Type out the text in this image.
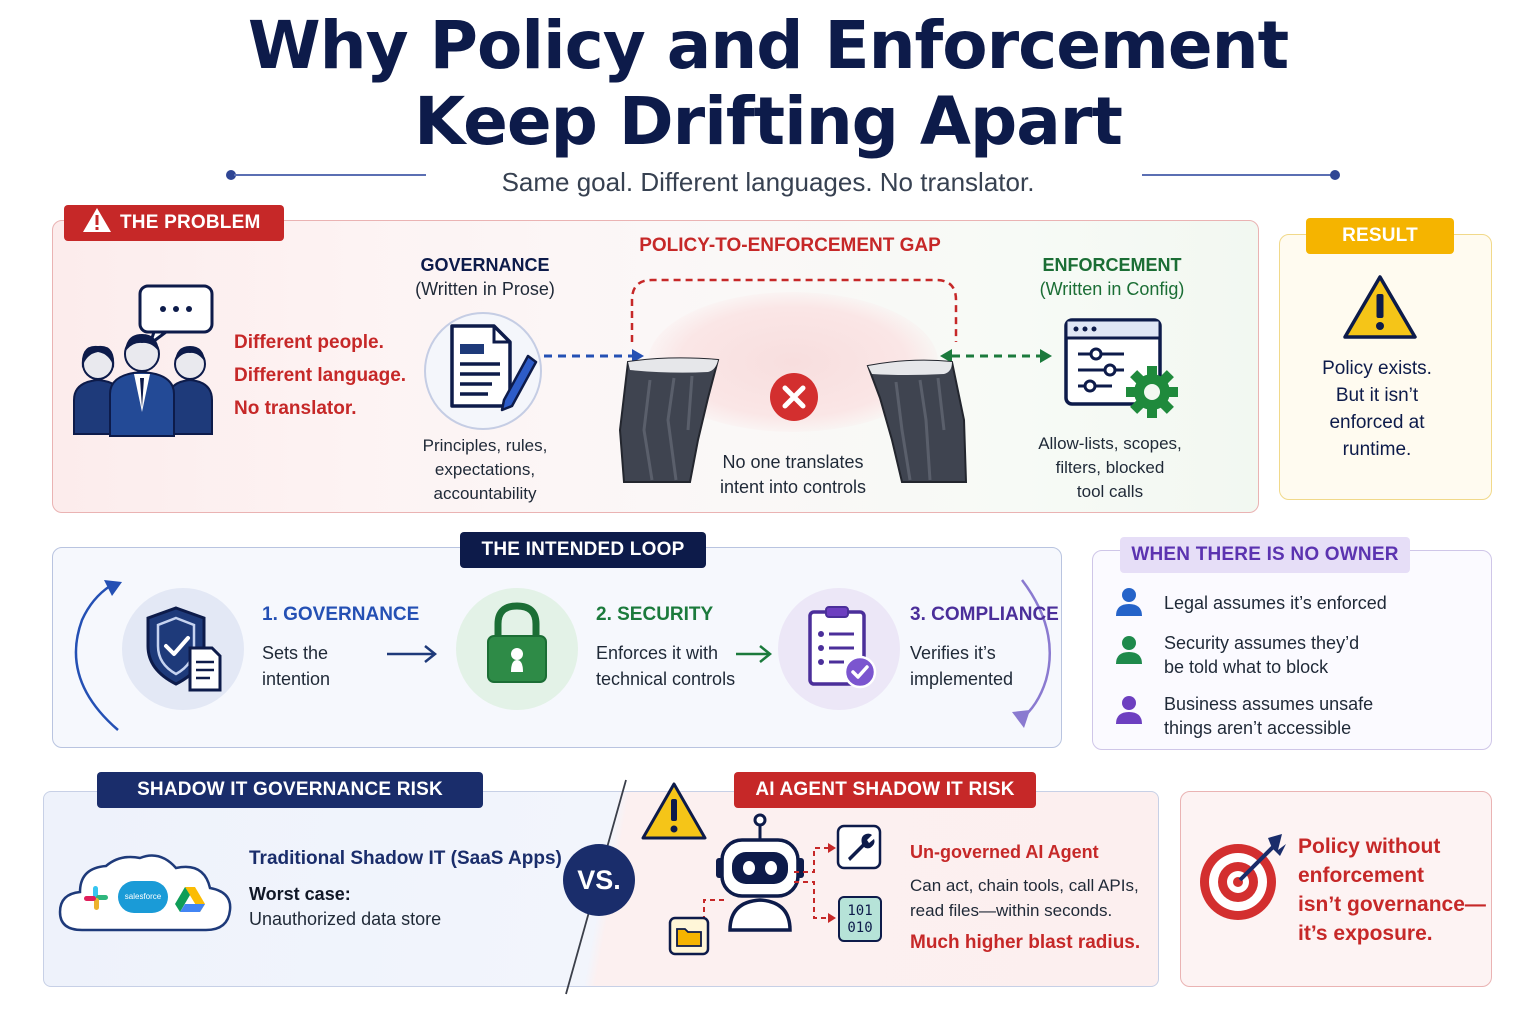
Why Policy and Enforcement
Keep Drifting Apart
Same goal. Different languages. No translator.
THE PROBLEM
Different people.
Different language.
No translator.
GOVERNANCE
(Written in Prose)
Principles, rules,
expectations,
accountability
POLICY-TO-ENFORCEMENT GAP
No one translates
intent into controls
ENFORCEMENT
(Written in Config)
Allow-lists, scopes,
filters, blocked
tool calls
RESULT
Policy exists.
But it isn’t
enforced at
runtime.
THE INTENDED LOOP
1. GOVERNANCE
Sets the
intention
2. SECURITY
Enforces it with
technical controls
3. COMPLIANCE
Verifies it’s
implemented
WHEN THERE IS NO OWNER
Legal assumes it’s enforced
Security assumes they’d
be told what to block
Business assumes unsafe
things aren’t accessible
SHADOW IT GOVERNANCE RISK
salesforce
Traditional Shadow IT (SaaS Apps)
Worst case:
Unauthorized data store
VS.
AI AGENT SHADOW IT RISK
101
010
Un-governed AI Agent
Can act, chain tools, call APIs,
read files—within seconds.
Much higher blast radius.
Policy without
enforcement
isn’t governance—
it’s exposure.
